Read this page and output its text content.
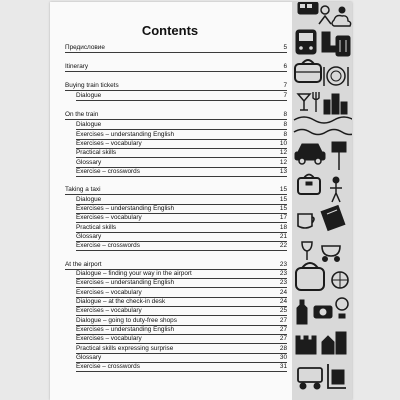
Contents
Предисловие	5
Itinerary	6
Buying train tickets	7
Dialogue	7
On the train	8
Dialogue	8
Exercises – understanding English	8
Exercises – vocabulary	10
Practical skills	12
Glossary	12
Exercise – crosswords	13
Taking a taxi	15
Dialogue	15
Exercises – understanding English	15
Exercises – vocabulary	17
Practical skills	18
Glossary	21
Exercise – crosswords	22
At the airport	23
Dialogue – finding your way in the airport	23
Exercises – understanding English	23
Exercises – vocabulary	24
Dialogue – at the check-in desk	24
Exercises – vocabulary	25
Dialogue – going to duty-free shops	27
Exercises – understanding English	27
Exercises – vocabulary	27
Practical skills expressing surprise	28
Glossary	30
Exercise – crosswords	31
